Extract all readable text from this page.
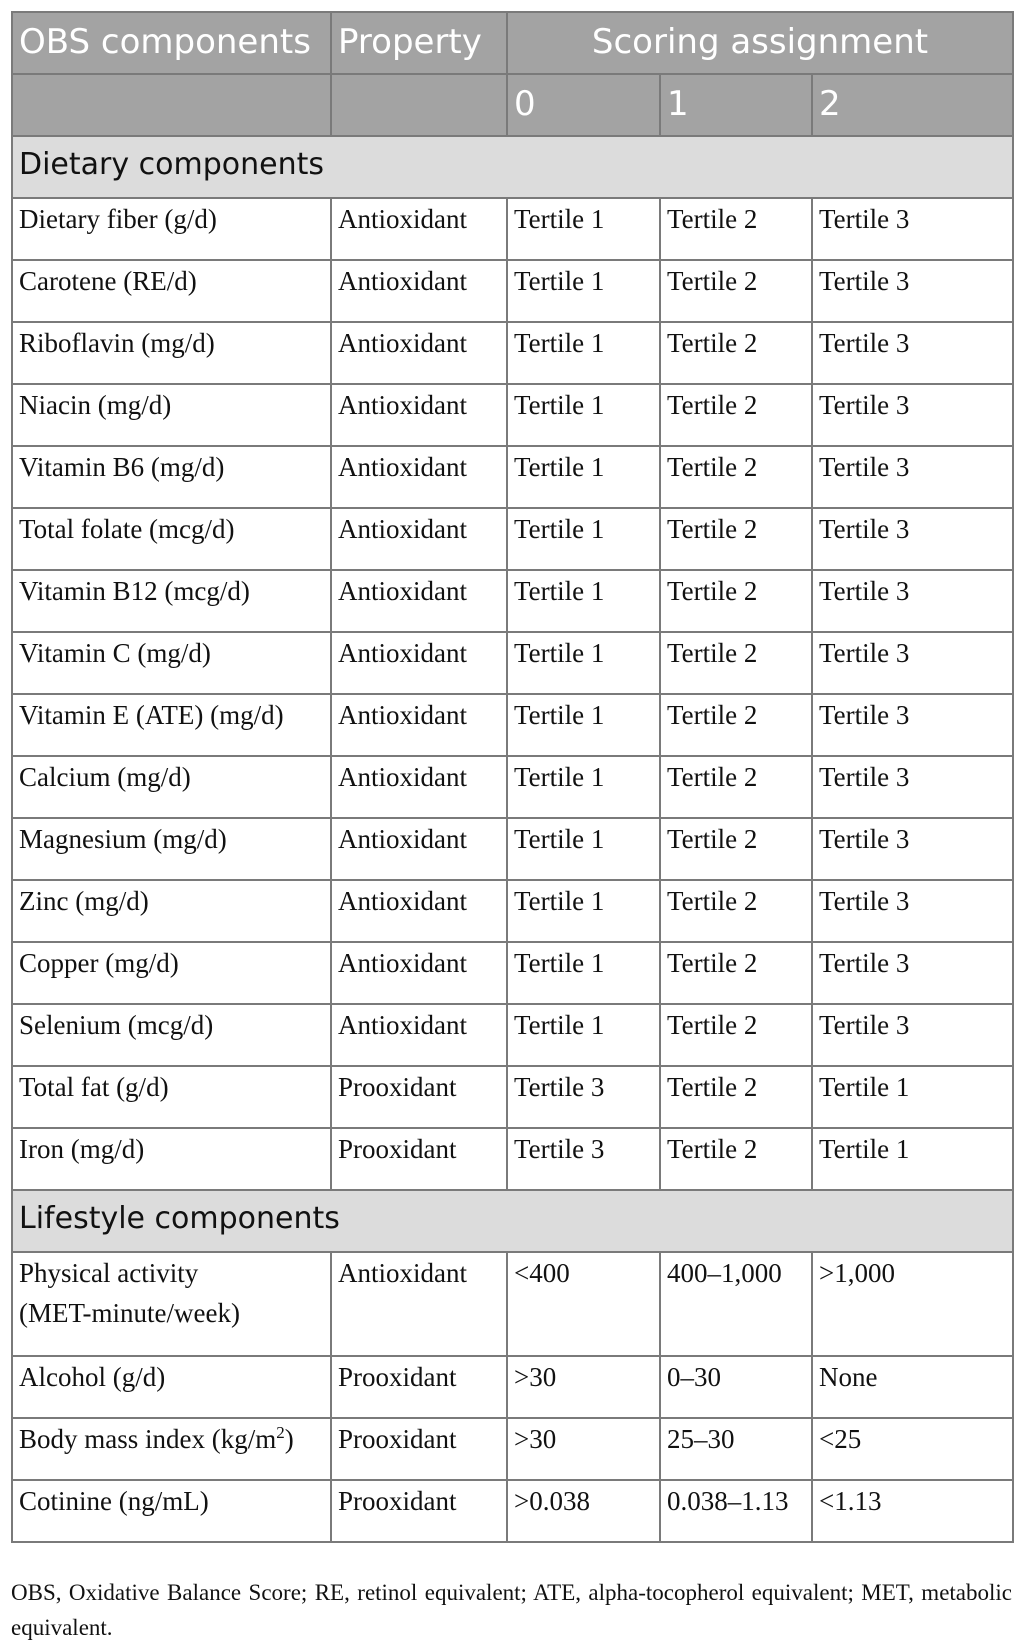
OBS components	Property	Scoring assignment		
		0	1	2
Dietary components				
Dietary fiber (g/d)	Antioxidant	Tertile 1	Tertile 2	Tertile 3
Carotene (RE/d)	Antioxidant	Tertile 1	Tertile 2	Tertile 3
Riboflavin (mg/d)	Antioxidant	Tertile 1	Tertile 2	Tertile 3
Niacin (mg/d)	Antioxidant	Tertile 1	Tertile 2	Tertile 3
Vitamin B6 (mg/d)	Antioxidant	Tertile 1	Tertile 2	Tertile 3
Total folate (mcg/d)	Antioxidant	Tertile 1	Tertile 2	Tertile 3
Vitamin B12 (mcg/d)	Antioxidant	Tertile 1	Tertile 2	Tertile 3
Vitamin C (mg/d)	Antioxidant	Tertile 1	Tertile 2	Tertile 3
Vitamin E (ATE) (mg/d)	Antioxidant	Tertile 1	Tertile 2	Tertile 3
Calcium (mg/d)	Antioxidant	Tertile 1	Tertile 2	Tertile 3
Magnesium (mg/d)	Antioxidant	Tertile 1	Tertile 2	Tertile 3
Zinc (mg/d)	Antioxidant	Tertile 1	Tertile 2	Tertile 3
Copper (mg/d)	Antioxidant	Tertile 1	Tertile 2	Tertile 3
Selenium (mcg/d)	Antioxidant	Tertile 1	Tertile 2	Tertile 3
Total fat (g/d)	Prooxidant	Tertile 3	Tertile 2	Tertile 1
Iron (mg/d)	Prooxidant	Tertile 3	Tertile 2	Tertile 1
Lifestyle components				
Physical activity
(MET-minute/week)	Antioxidant	<400	400–1,000	>1,000
Alcohol (g/d)	Prooxidant	>30	0–30	None
Body mass index $(kg/m^2)$	Prooxidant	>30	25–30	<25
Cotinine (ng/mL)	Prooxidant	>0.038	0.038–1.13	<1.13
OBS, Oxidative Balance Score; RE, retinol equivalent; ATE, alpha-tocopherol equivalent; MET, metabolic equivalent.
